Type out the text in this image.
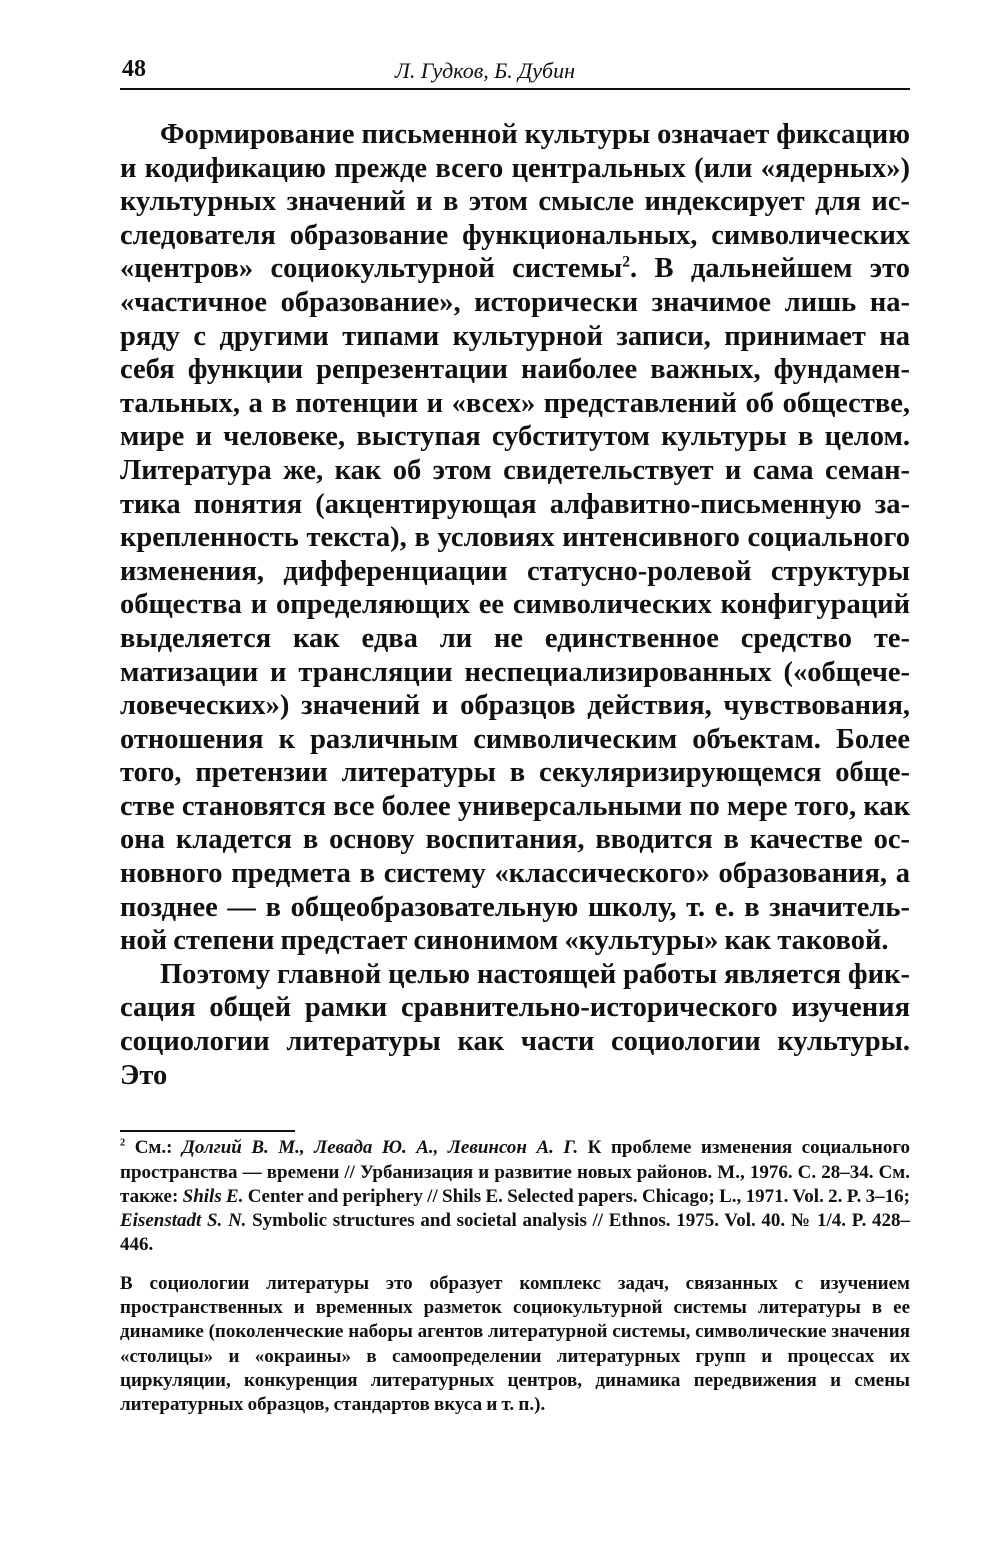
48	Л. Гудков, Б. Дубин

Формирование письменной культуры означает фиксацию и кодификацию прежде всего центральных (или «ядерных») культурных значений и в этом смысле индексирует для исследователя образование функциональных, символических «центров» социокультурной системы$^2$. В дальнейшем это «частичное образование», исторически значимое лишь наряду с другими типами культурной записи, принимает на себя функции репрезентации наиболее важных, фундаментальных, а в потенции и «всех» представлений об обществе, мире и человеке, выступая субститутом культуры в целом. Литература же, как об этом свидетельствует и сама семантика понятия (акцентирующая алфавитно-письменную закрепленность текста), в условиях интенсивного социального изменения, дифференциации статусно-ролевой структуры общества и определяющих ее символических конфигураций выделяется как едва ли не единственное средство тематизации и трансляции неспециализированных («общечеловеческих») значений и образцов действия, чувствования, отношения к различным символическим объектам. Более того, претензии литературы в секуляризирующемся обществе становятся все более универсальными по мере того, как она кладется в основу воспитания, вводится в качестве основного предмета в систему «классического» образования, а позднее — в общеобразовательную школу, т. е. в значительной степени предстает синонимом «культуры» как таковой.

Поэтому главной целью настоящей работы является фиксация общей рамки сравнительно-исторического изучения социологии литературы как части социологии культуры. Это

$^2$ См.: Долгий В. М., Левада Ю. А., Левинсон А. Г. К проблеме изменения социального пространства — времени // Урбанизация и развитие новых районов. М., 1976. С. 28–34. См. также: Shils E. Center and periphery // Shils E. Selected papers. Chicago; L., 1971. Vol. 2. P. 3–16; Eisenstadt S. N. Symbolic structures and societal analysis // Ethnos. 1975. Vol. 40. № 1/4. P. 428–446.

В социологии литературы это образует комплекс задач, связанных с изучением пространственных и временных разметок социокультурной системы литературы в ее динамике (поколенческие наборы агентов литературной системы, символические значения «столицы» и «окраины» в самоопределении литературных групп и процессах их циркуляции, конкуренция литературных центров, динамика передвижения и смены литературных образцов, стандартов вкуса и т. п.).
